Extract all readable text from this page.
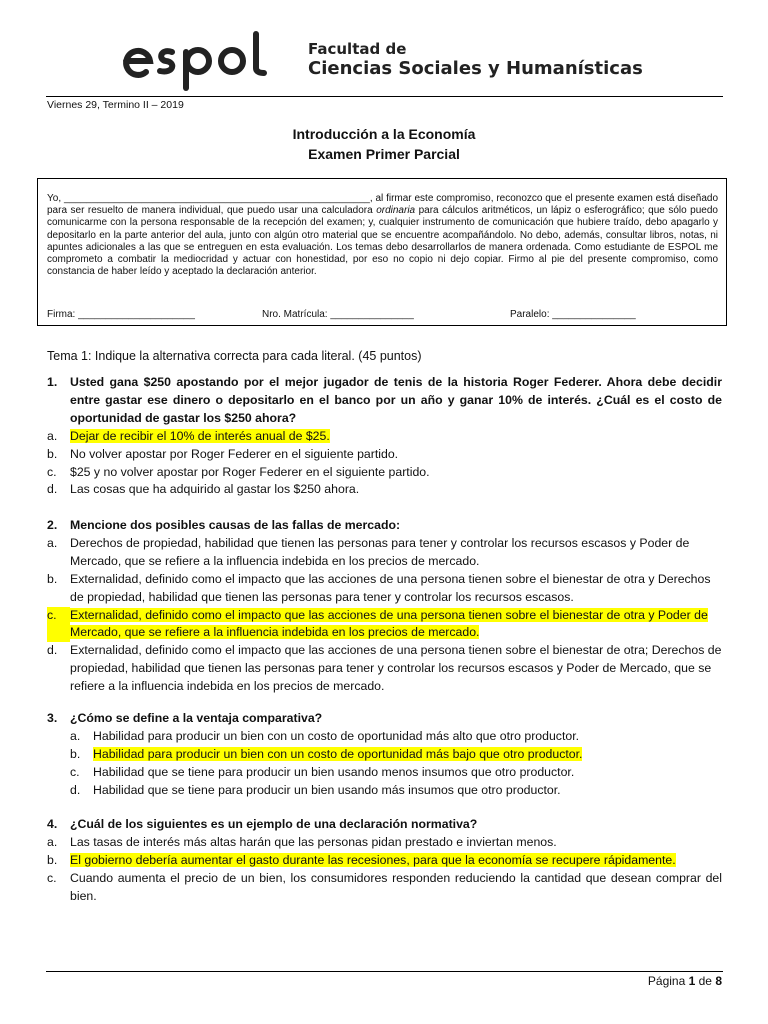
Facultad de
Ciencias Sociales y Humanísticas
Viernes 29, Termino II – 2019
Introducción a la Economía
Examen Primer Parcial
Yo, _______________________________________________________, al firmar este compromiso, reconozco que el presente examen está diseñado para ser resuelto de manera individual, que puedo usar una calculadora ordinaria para cálculos aritméticos, un lápiz o esferográfico; que sólo puedo comunicarme con la persona responsable de la recepción del examen; y, cualquier instrumento de comunicación que hubiere traído, debo apagarlo y depositarlo en la parte anterior del aula, junto con algún otro material que se encuentre acompañándolo. No debo, además, consultar libros, notas, ni apuntes adicionales a las que se entreguen en esta evaluación. Los temas debo desarrollarlos de manera ordenada. Como estudiante de ESPOL me comprometo a combatir la mediocridad y actuar con honestidad, por eso no copio ni dejo copiar. Firmo al pie del presente compromiso, como constancia de haber leído y aceptado la declaración anterior.
Firma: _____________________	Nro. Matrícula: _______________	Paralelo: _______________
Tema 1: Indique la alternativa correcta para cada literal. (45 puntos)
1.	Usted gana $250 apostando por el mejor jugador de tenis de la historia Roger Federer. Ahora debe decidir entre gastar ese dinero o depositarlo en el banco por un año y ganar 10% de interés. ¿Cuál es el costo de oportunidad de gastar los $250 ahora?
a.	Dejar de recibir el 10% de interés anual de $25.
b.	No volver apostar por Roger Federer en el siguiente partido.
c.	$25 y no volver apostar por Roger Federer en el siguiente partido.
d.	Las cosas que ha adquirido al gastar los $250 ahora.
2.	Mencione dos posibles causas de las fallas de mercado:
a.	Derechos de propiedad, habilidad que tienen las personas para tener y controlar los recursos escasos y Poder de Mercado, que se refiere a la influencia indebida en los precios de mercado.
b.	Externalidad, definido como el impacto que las acciones de una persona tienen sobre el bienestar de otra y Derechos de propiedad, habilidad que tienen las personas para tener y controlar los recursos escasos.
c.	Externalidad, definido como el impacto que las acciones de una persona tienen sobre el bienestar de otra y Poder de Mercado, que se refiere a la influencia indebida en los precios de mercado.
d.	Externalidad, definido como el impacto que las acciones de una persona tienen sobre el bienestar de otra; Derechos de propiedad, habilidad que tienen las personas para tener y controlar los recursos escasos y Poder de Mercado, que se refiere a la influencia indebida en los precios de mercado.
3.	¿Cómo se define a la ventaja comparativa?
a.	Habilidad para producir un bien con un costo de oportunidad más alto que otro productor.
b.	Habilidad para producir un bien con un costo de oportunidad más bajo que otro productor.
c.	Habilidad que se tiene para producir un bien usando menos insumos que otro productor.
d.	Habilidad que se tiene para producir un bien usando más insumos que otro productor.
4.	¿Cuál de los siguientes es un ejemplo de una declaración normativa?
a.	Las tasas de interés más altas harán que las personas pidan prestado e inviertan menos.
b.	El gobierno debería aumentar el gasto durante las recesiones, para que la economía se recupere rápidamente.
c.	Cuando aumenta el precio de un bien, los consumidores responden reduciendo la cantidad que desean comprar del bien.
Página 1 de 8
